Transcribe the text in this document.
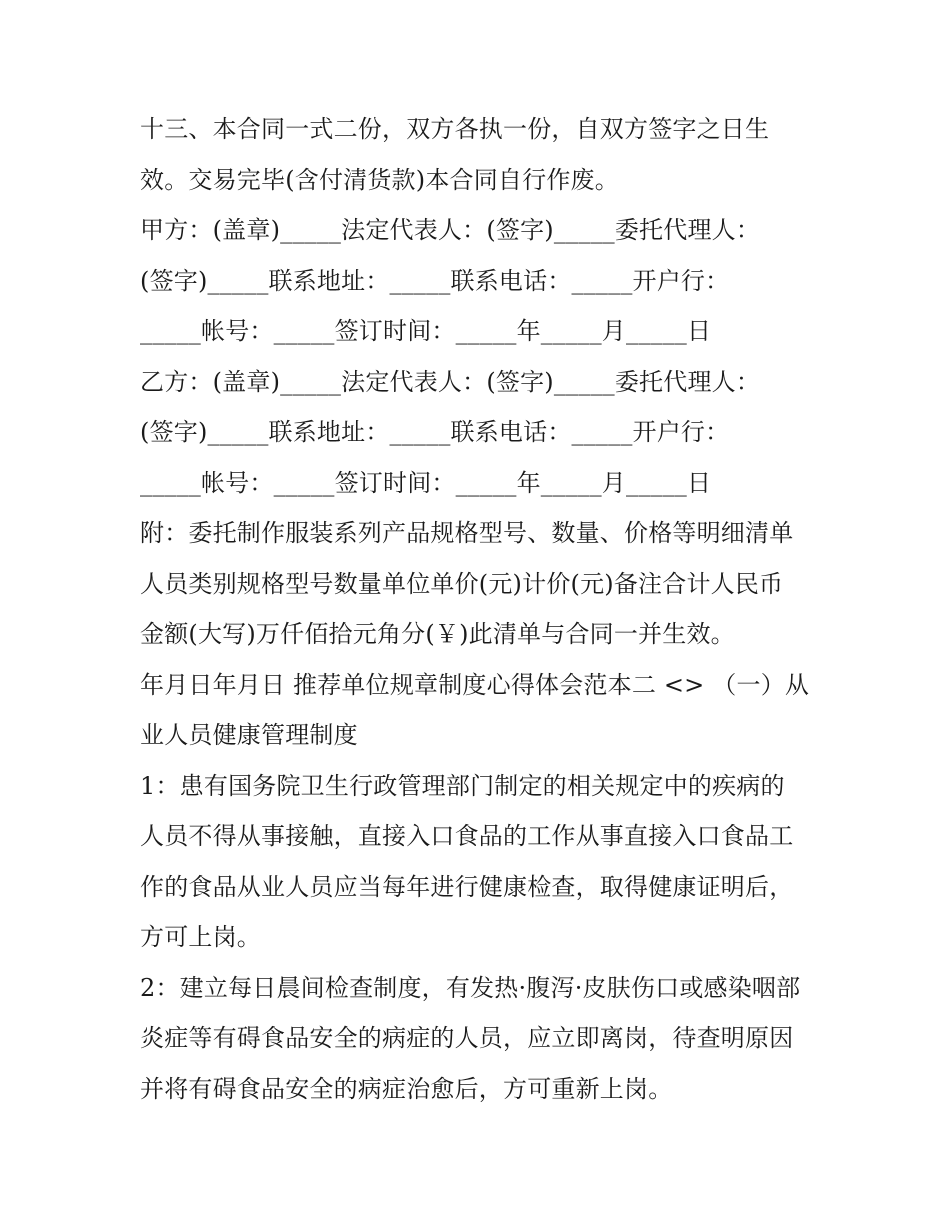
十三、本合同一式二份，双方各执一份，自双方签字之日生
效。交易完毕(含付清货款)本合同自行作废。
甲方：(盖章)_____法定代表人：(签字)_____委托代理人：
(签字)_____联系地址：_____联系电话：_____开户行：
_____帐号：_____签订时间：_____年_____月_____日
乙方：(盖章)_____法定代表人：(签字)_____委托代理人：
(签字)_____联系地址：_____联系电话：_____开户行：
_____帐号：_____签订时间：_____年_____月_____日
附：委托制作服装系列产品规格型号、数量、价格等明细清单
人员类别规格型号数量单位单价(元)计价(元)备注合计人民币
金额(大写)万仟佰拾元角分(￥)此清单与合同一并生效。
年月日年月日 推荐单位规章制度心得体会范本二 <> （一）从
业人员健康管理制度
1：患有国务院卫生行政管理部门制定的相关规定中的疾病的
人员不得从事接触，直接入口食品的工作从事直接入口食品工
作的食品从业人员应当每年进行健康检查，取得健康证明后，
方可上岗。
2：建立每日晨间检查制度，有发热·腹泻·皮肤伤口或感染咽部
炎症等有碍食品安全的病症的人员，应立即离岗，待查明原因
并将有碍食品安全的病症治愈后，方可重新上岗。
